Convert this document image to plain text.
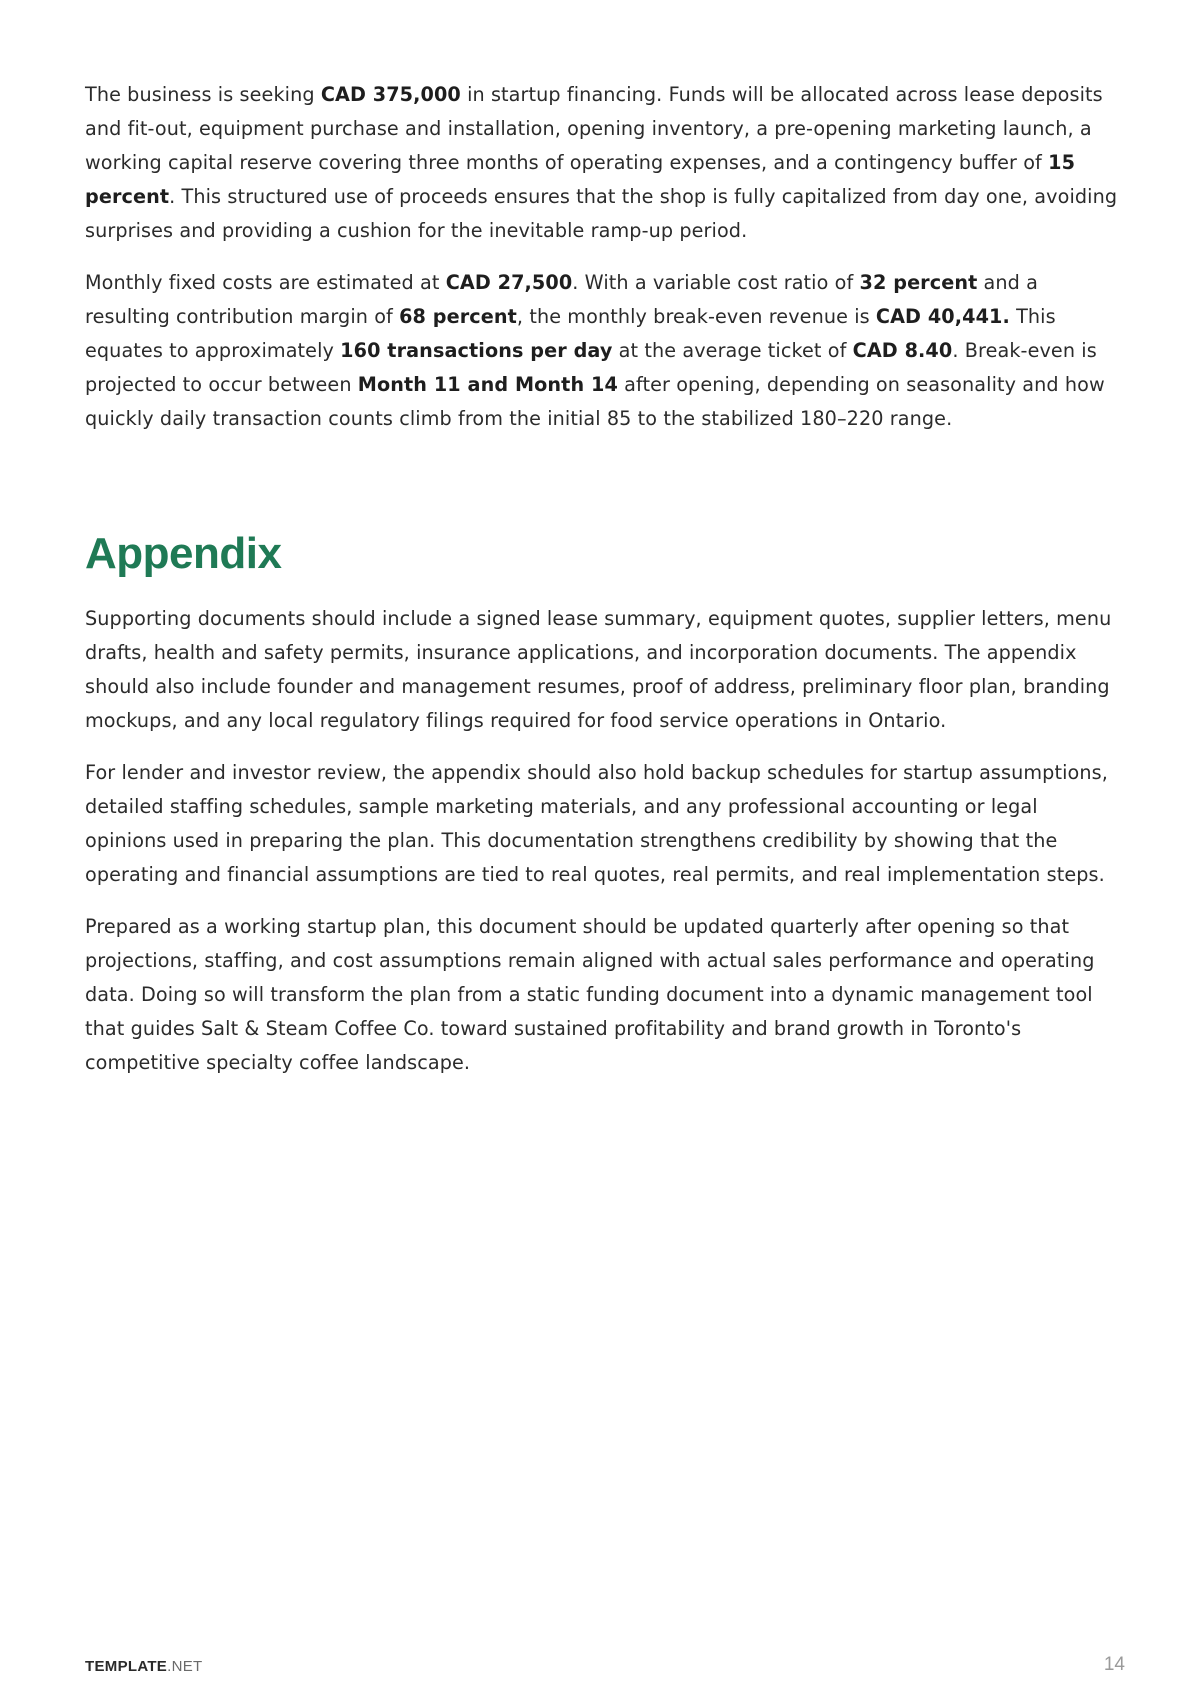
The business is seeking CAD 375,000 in startup financing. Funds will be allocated across lease deposits and fit-out, equipment purchase and installation, opening inventory, a pre-opening marketing launch, a working capital reserve covering three months of operating expenses, and a contingency buffer of 15 percent. This structured use of proceeds ensures that the shop is fully capitalized from day one, avoiding surprises and providing a cushion for the inevitable ramp-up period.

Monthly fixed costs are estimated at CAD 27,500. With a variable cost ratio of 32 percent and a resulting contribution margin of 68 percent, the monthly break-even revenue is CAD 40,441. This equates to approximately 160 transactions per day at the average ticket of CAD 8.40. Break-even is projected to occur between Month 11 and Month 14 after opening, depending on seasonality and how quickly daily transaction counts climb from the initial 85 to the stabilized 180–220 range.

Appendix

Supporting documents should include a signed lease summary, equipment quotes, supplier letters, menu drafts, health and safety permits, insurance applications, and incorporation documents. The appendix should also include founder and management resumes, proof of address, preliminary floor plan, branding mockups, and any local regulatory filings required for food service operations in Ontario.

For lender and investor review, the appendix should also hold backup schedules for startup assumptions, detailed staffing schedules, sample marketing materials, and any professional accounting or legal opinions used in preparing the plan. This documentation strengthens credibility by showing that the operating and financial assumptions are tied to real quotes, real permits, and real implementation steps.

Prepared as a working startup plan, this document should be updated quarterly after opening so that projections, staffing, and cost assumptions remain aligned with actual sales performance and operating data. Doing so will transform the plan from a static funding document into a dynamic management tool that guides Salt & Steam Coffee Co. toward sustained profitability and brand growth in Toronto's competitive specialty coffee landscape.

TEMPLATE.NET	14
